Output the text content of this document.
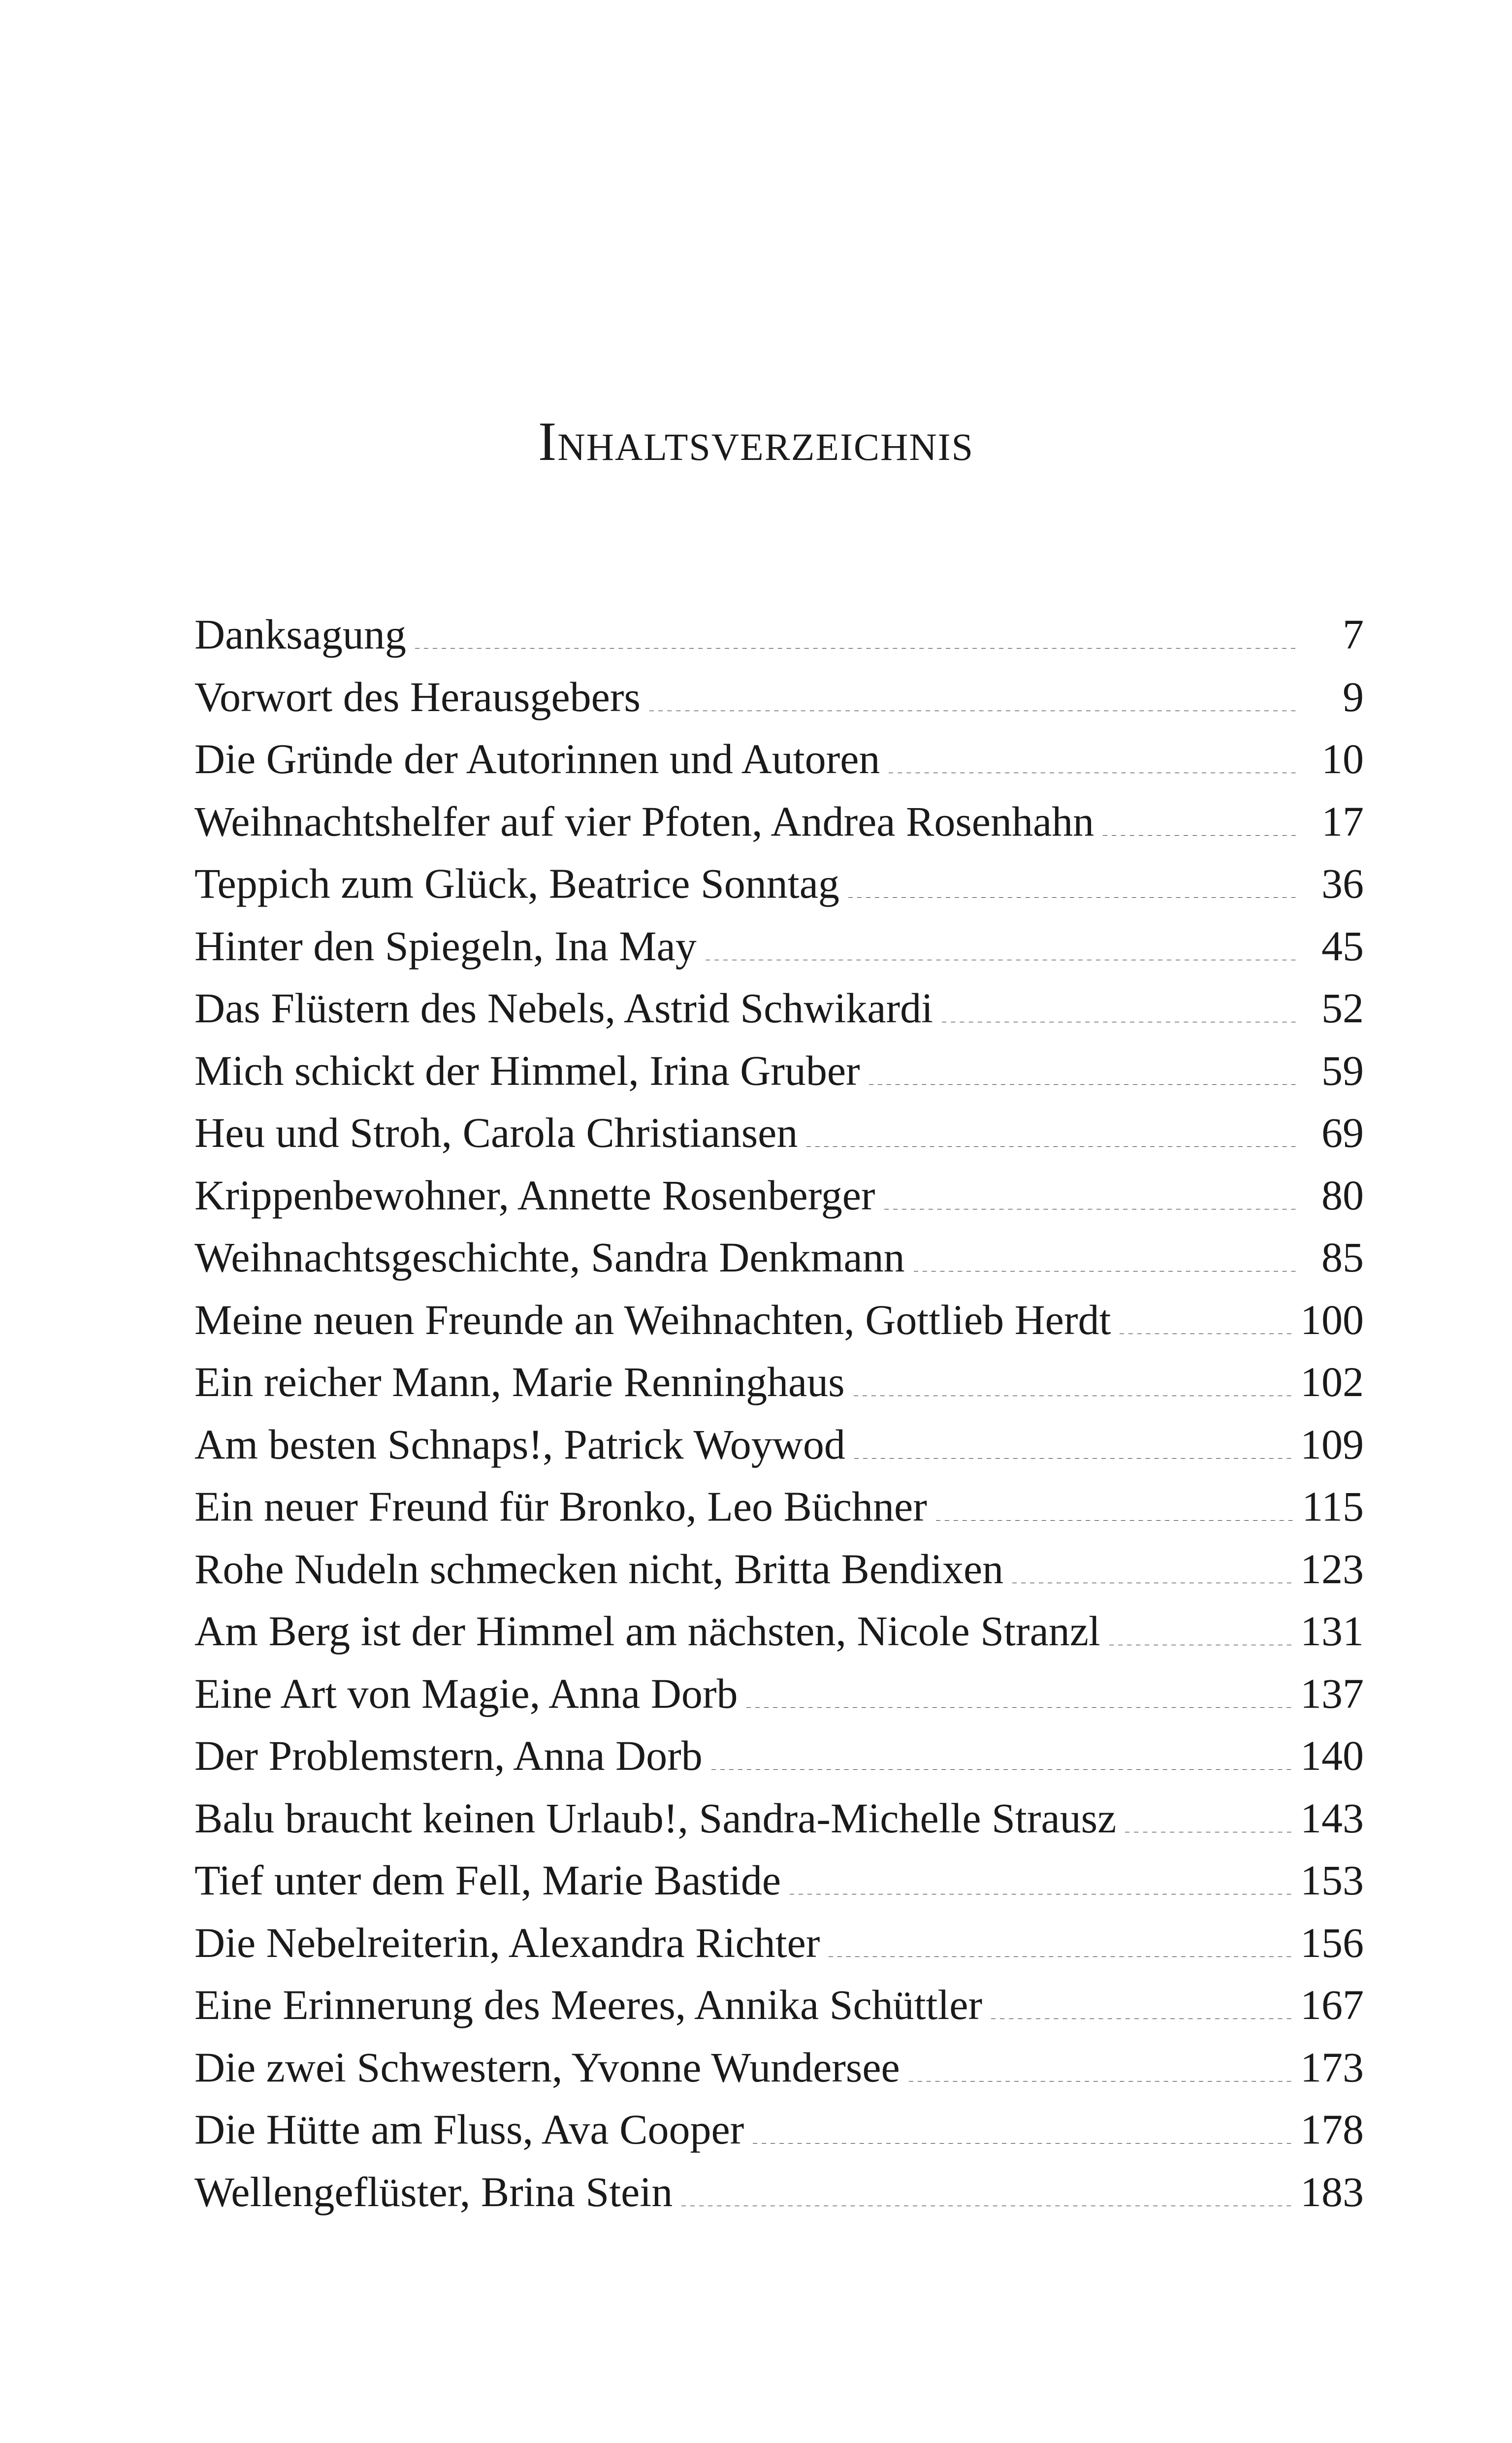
Inhaltsverzeichnis
Danksagung	7
Vorwort des Herausgebers	9
Die Gründe der Autorinnen und Autoren	10
Weihnachtshelfer auf vier Pfoten, Andrea Rosenhahn	17
Teppich zum Glück, Beatrice Sonntag	36
Hinter den Spiegeln, Ina May	45
Das Flüstern des Nebels, Astrid Schwikardi	52
Mich schickt der Himmel, Irina Gruber	59
Heu und Stroh, Carola Christiansen	69
Krippenbewohner, Annette Rosenberger	80
Weihnachtsgeschichte, Sandra Denkmann	85
Meine neuen Freunde an Weihnachten, Gottlieb Herdt	100
Ein reicher Mann, Marie Renninghaus	102
Am besten Schnaps!, Patrick Woywod	109
Ein neuer Freund für Bronko, Leo Büchner	115
Rohe Nudeln schmecken nicht, Britta Bendixen	123
Am Berg ist der Himmel am nächsten, Nicole Stranzl	131
Eine Art von Magie, Anna Dorb	137
Der Problemstern, Anna Dorb	140
Balu braucht keinen Urlaub!, Sandra-Michelle Strausz	143
Tief unter dem Fell, Marie Bastide	153
Die Nebelreiterin, Alexandra Richter	156
Eine Erinnerung des Meeres, Annika Schüttler	167
Die zwei Schwestern, Yvonne Wundersee	173
Die Hütte am Fluss, Ava Cooper	178
Wellengeflüster, Brina Stein	183
